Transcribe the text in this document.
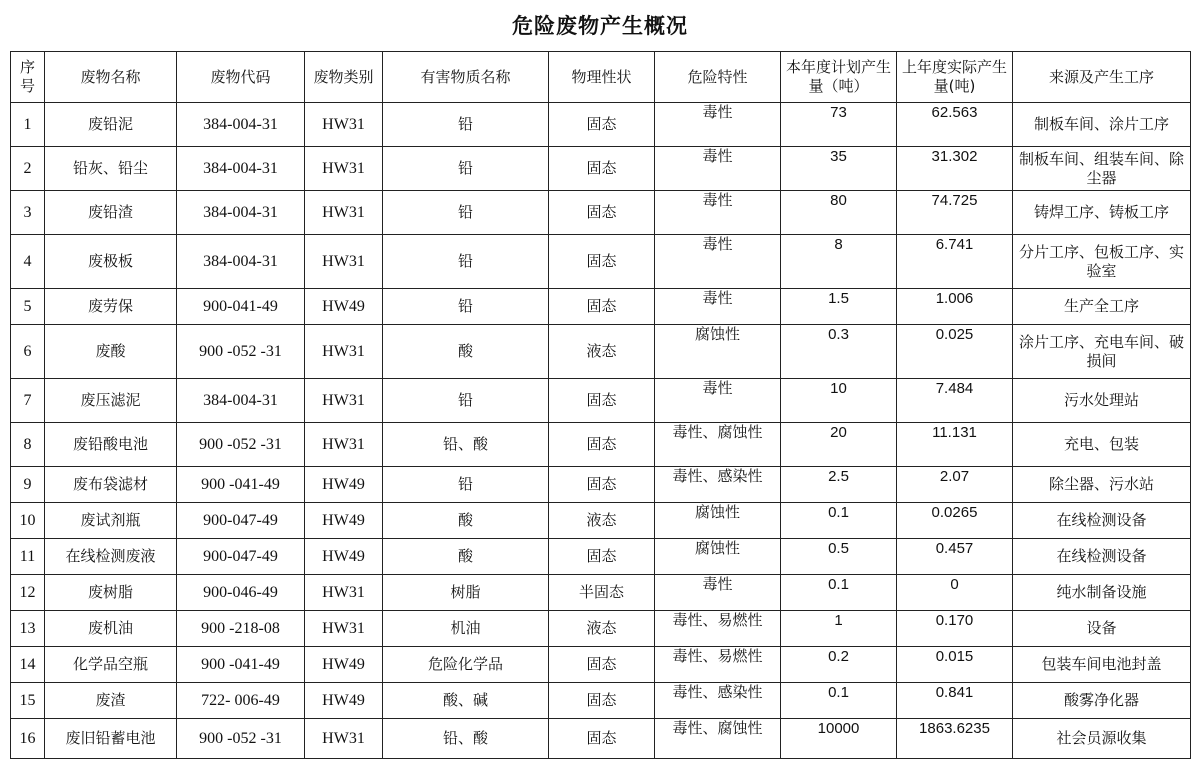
危险废物产生概况
序号	废物名称	废物代码	废物类别	有害物质名称	物理性状	危险特性	本年度计划产生量（吨）	上年度实际产生量(吨)	来源及产生工序
1	废铅泥	384-004-31	HW31	铅	固态	毒性	73	62.563	制板车间、涂片工序
2	铅灰、铅尘	384-004-31	HW31	铅	固态	毒性	35	31.302	制板车间、组装车间、除尘器
3	废铅渣	384-004-31	HW31	铅	固态	毒性	80	74.725	铸焊工序、铸板工序
4	废极板	384-004-31	HW31	铅	固态	毒性	8	6.741	分片工序、包板工序、实验室
5	废劳保	900-041-49	HW49	铅	固态	毒性	1.5	1.006	生产全工序
6	废酸	900 -052 -31	HW31	酸	液态	腐蚀性	0.3	0.025	涂片工序、充电车间、破损间
7	废压滤泥	384-004-31	HW31	铅	固态	毒性	10	7.484	污水处理站
8	废铅酸电池	900 -052 -31	HW31	铅、酸	固态	毒性、腐蚀性	20	11.131	充电、包装
9	废布袋滤材	900 -041-49	HW49	铅	固态	毒性、感染性	2.5	2.07	除尘器、污水站
10	废试剂瓶	900-047-49	HW49	酸	液态	腐蚀性	0.1	0.0265	在线检测设备
11	在线检测废液	900-047-49	HW49	酸	固态	腐蚀性	0.5	0.457	在线检测设备
12	废树脂	900-046-49	HW31	树脂	半固态	毒性	0.1	0	纯水制备设施
13	废机油	900 -218-08	HW31	机油	液态	毒性、易燃性	1	0.170	设备
14	化学品空瓶	900 -041-49	HW49	危险化学品	固态	毒性、易燃性	0.2	0.015	包装车间电池封盖
15	废渣	722- 006-49	HW49	酸、碱	固态	毒性、感染性	0.1	0.841	酸雾净化器
16	废旧铅蓄电池	900 -052 -31	HW31	铅、酸	固态	毒性、腐蚀性	10000	1863.6235	社会员源收集
